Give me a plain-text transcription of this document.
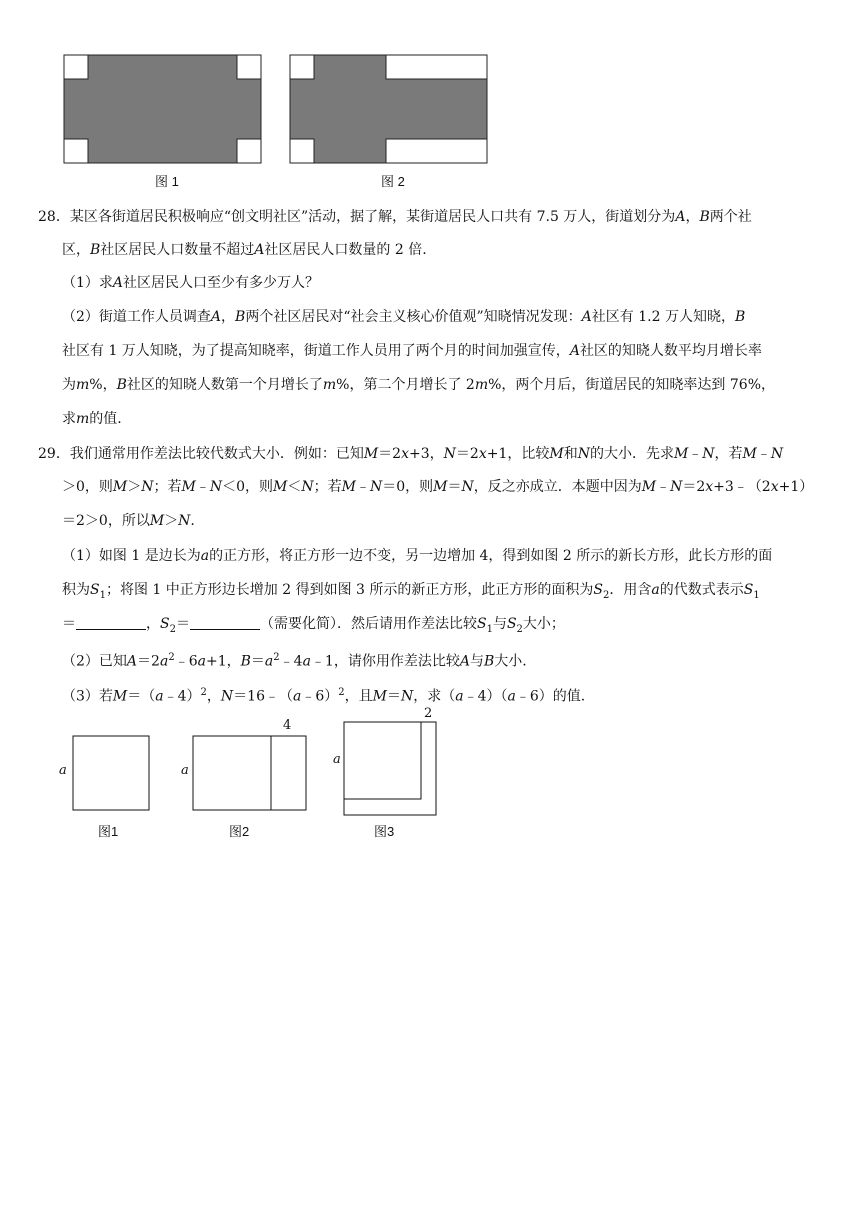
图 1	图 2
28．某区各街道居民积极响应“创文明社区”活动，据了解，某街道居民人口共有 7.5 万人，街道划分为A，B两个社
区，B社区居民人口数量不超过A社区居民人口数量的 2 倍.
（1）求A社区居民人口至少有多少万人？
（2）街道工作人员调查A，B两个社区居民对“社会主义核心价值观”知晓情况发现：A社区有 1.2 万人知晓，B
社区有 1 万人知晓，为了提高知晓率，街道工作人员用了两个月的时间加强宣传，A社区的知晓人数平均月增长率
为m%，B社区的知晓人数第一个月增长了m%，第二个月增长了 2m%，两个月后，街道居民的知晓率达到 76%，
求m的值.
29．我们通常用作差法比较代数式大小．例如：已知M＝2x+3，N＝2x+1，比较M和N的大小．先求M﹣N，若M﹣N
＞0，则M＞N；若M﹣N＜0，则M＜N；若M﹣N＝0，则M＝N，反之亦成立．本题中因为M﹣N＝2x+3﹣（2x+1）
＝2＞0，所以M＞N.
（1）如图 1 是边长为a的正方形，将正方形一边不变，另一边增加 4，得到如图 2 所示的新长方形，此长方形的面
积为$S_1$；将图 1 中正方形边长增加 2 得到如图 3 所示的新正方形，此正方形的面积为$S_2$．用含a的代数式表示$S_1$
＝	，$S_2=$	（需要化简）．然后请用作差法比较$S_1$与$S_2$大小；
（2）已知$A=2a^2﹣6a+1$，$B=a^2﹣4a﹣1$，请你用作差法比较A与B大小.
（3）若M＝（a﹣4）$^2$，N＝16﹣（a﹣6）$^2$，且M＝N，求（a﹣4）（a﹣6）的值.
a	a
a
4
2
图1	图2	图3
